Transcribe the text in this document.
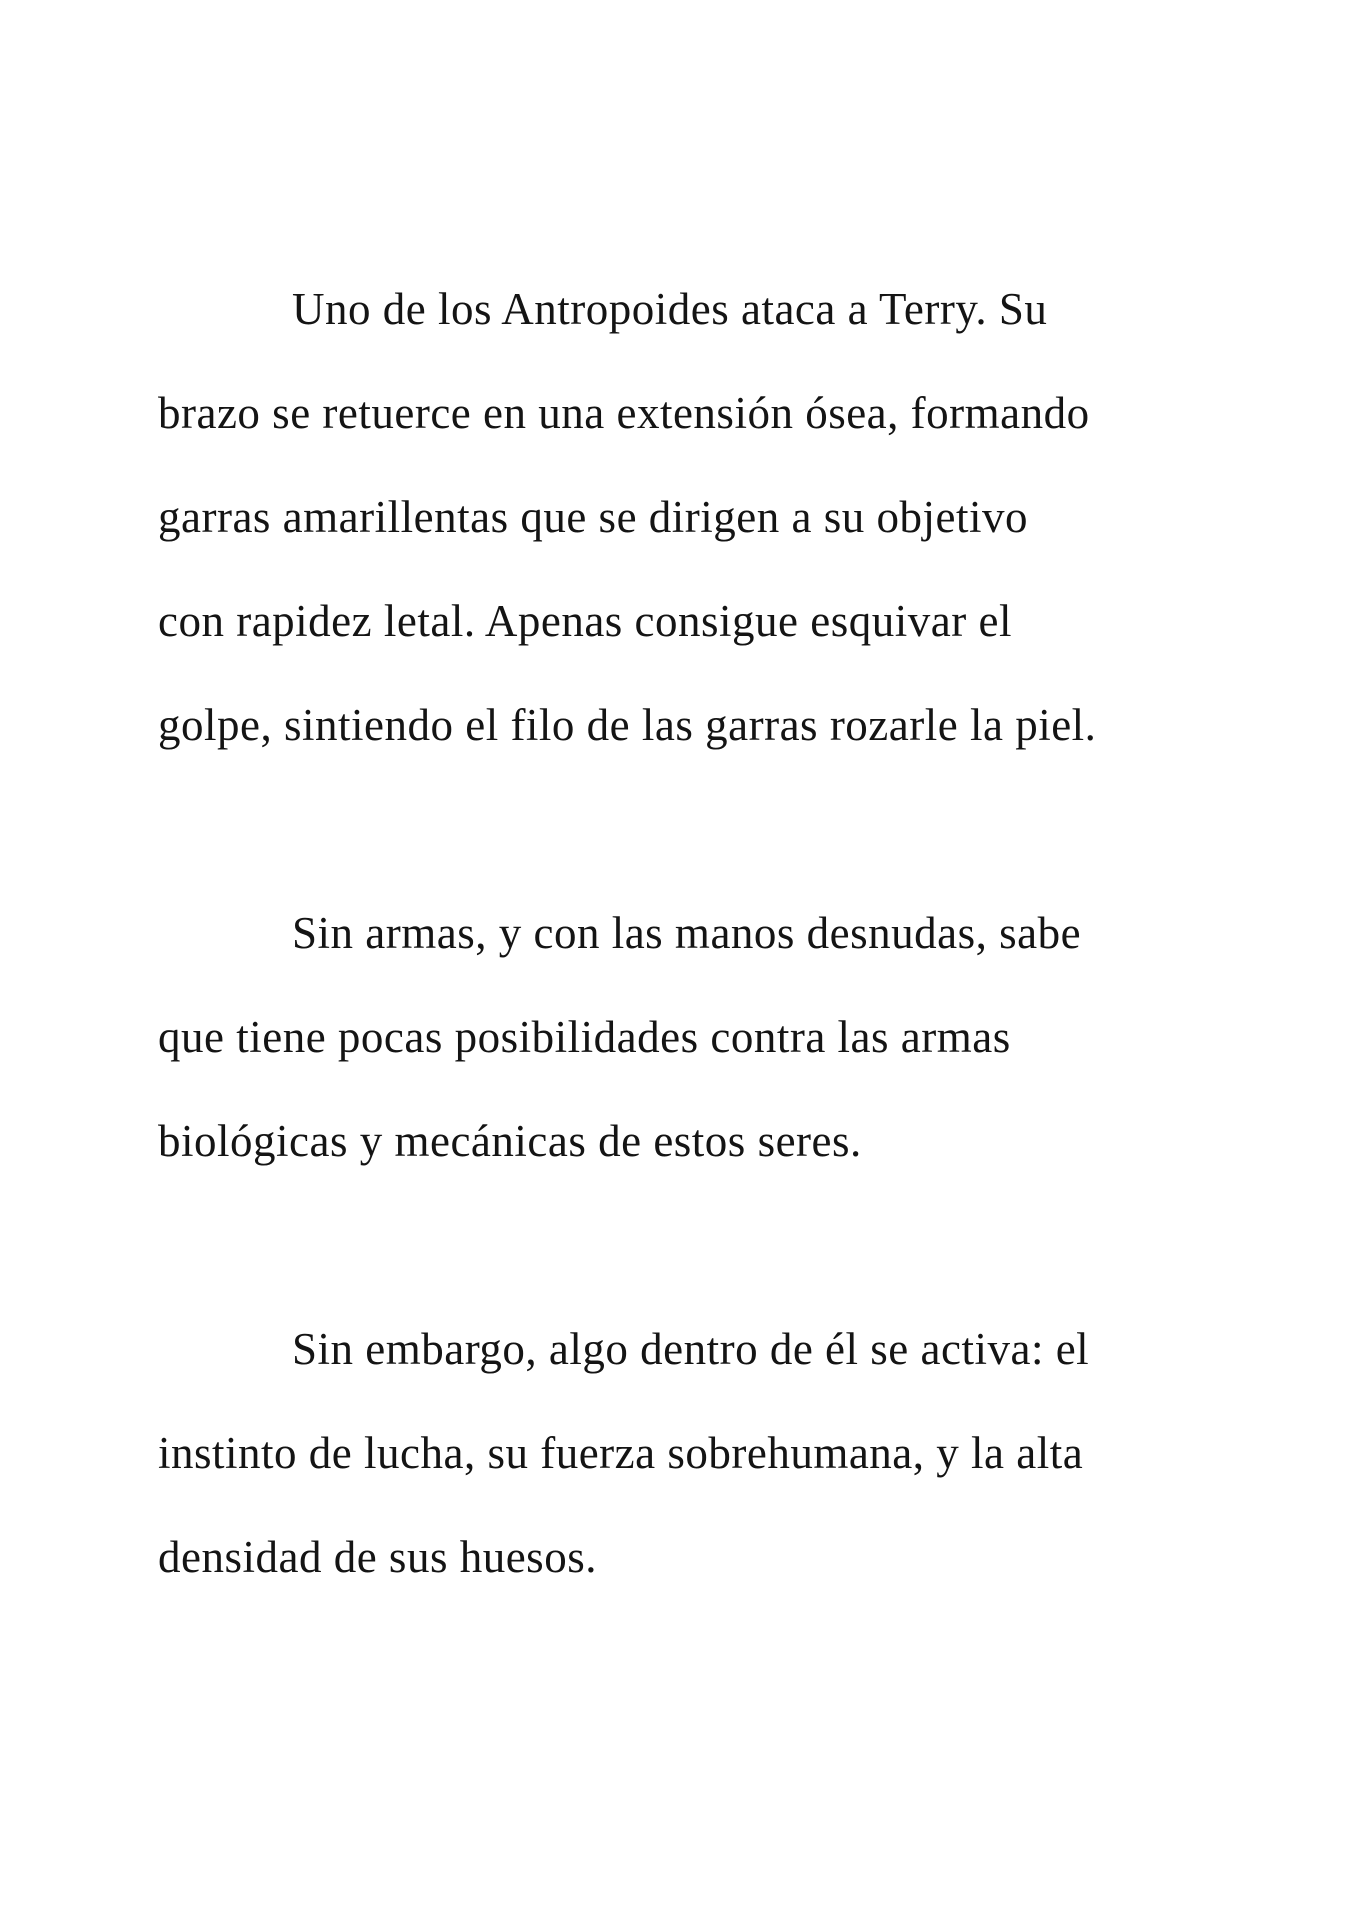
Uno de los Antropoides ataca a Terry. Su
brazo se retuerce en una extensión ósea, formando
garras amarillentas que se dirigen a su objetivo
con rapidez letal. Apenas consigue esquivar el
golpe, sintiendo el filo de las garras rozarle la piel.
Sin armas, y con las manos desnudas, sabe
que tiene pocas posibilidades contra las armas
biológicas y mecánicas de estos seres.
Sin embargo, algo dentro de él se activa: el
instinto de lucha, su fuerza sobrehumana, y la alta
densidad de sus huesos.
